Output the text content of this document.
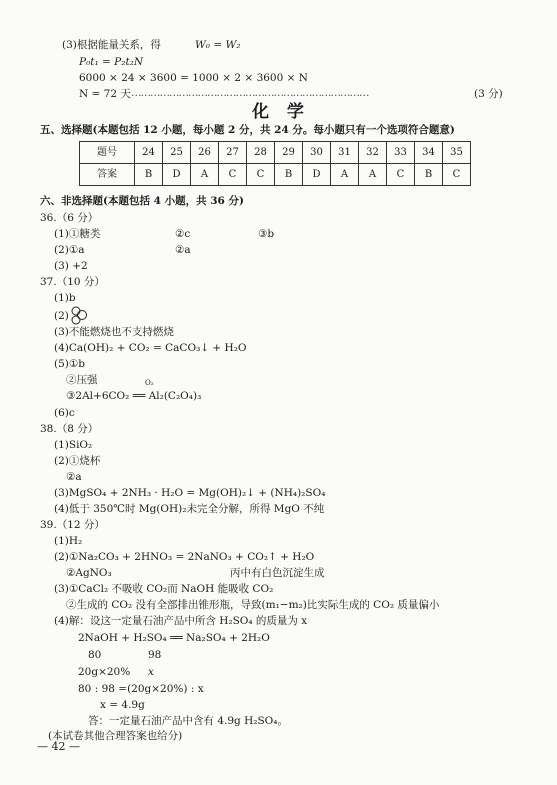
(3)根据能量关系，得	W₀ = W₂
P₀t₁ = P₂t₂N
6000 × 24 × 3600 = 1000 × 2 × 3600 × N
N = 72 天 …………………………………………………………………	(3 分)
化 学
五、选择题(本题包括 12 小题，每小题 2 分，共 24 分。每小题只有一个选项符合题意)
题号	24	25	26	27	28	29	30	31	32	33	34	35
答案	B	D	A	C	C	B	D	A	A	C	B	C
六、非选择题(本题包括 4 小题，共 36 分)
36.（6 分）
(1)①糖类	②c	③b
(2)①a	②a
(3) +2
37.（10 分）
(1)b
(2)
(3)不能燃烧也不支持燃烧
(4)Ca(OH)₂ + CO₂ = CaCO₃↓ + H₂O
(5)①b
②压强	O₂
③2Al+6CO₂ ══ Al₂(C₂O₄)₃
(6)c
38.（8 分）
(1)SiO₂
(2)①烧杯
②a
(3)MgSO₄ + 2NH₃ · H₂O = Mg(OH)₂↓ + (NH₄)₂SO₄
(4)低于 350℃时 Mg(OH)₂未完全分解，所得 MgO 不纯
39.（12 分）
(1)H₂
(2)①Na₂CO₃ + 2HNO₃ = 2NaNO₃ + CO₂↑ + H₂O
②AgNO₃	丙中有白色沉淀生成
(3)①CaCl₂ 不吸收 CO₂而 NaOH 能吸收 CO₂
②生成的 CO₂ 没有全部排出锥形瓶，导致(m₁−m₂)比实际生成的 CO₂ 质量偏小
(4)解：设这一定量石油产品中所含 H₂SO₄ 的质量为 x
2NaOH + H₂SO₄ ══ Na₂SO₄ + 2H₂O
80	98
20g×20% x
80 : 98 =(20g×20%) : x
x = 4.9g
答：一定量石油产品中含有 4.9g H₂SO₄。
(本试卷其他合理答案也给分)
— 42 —
